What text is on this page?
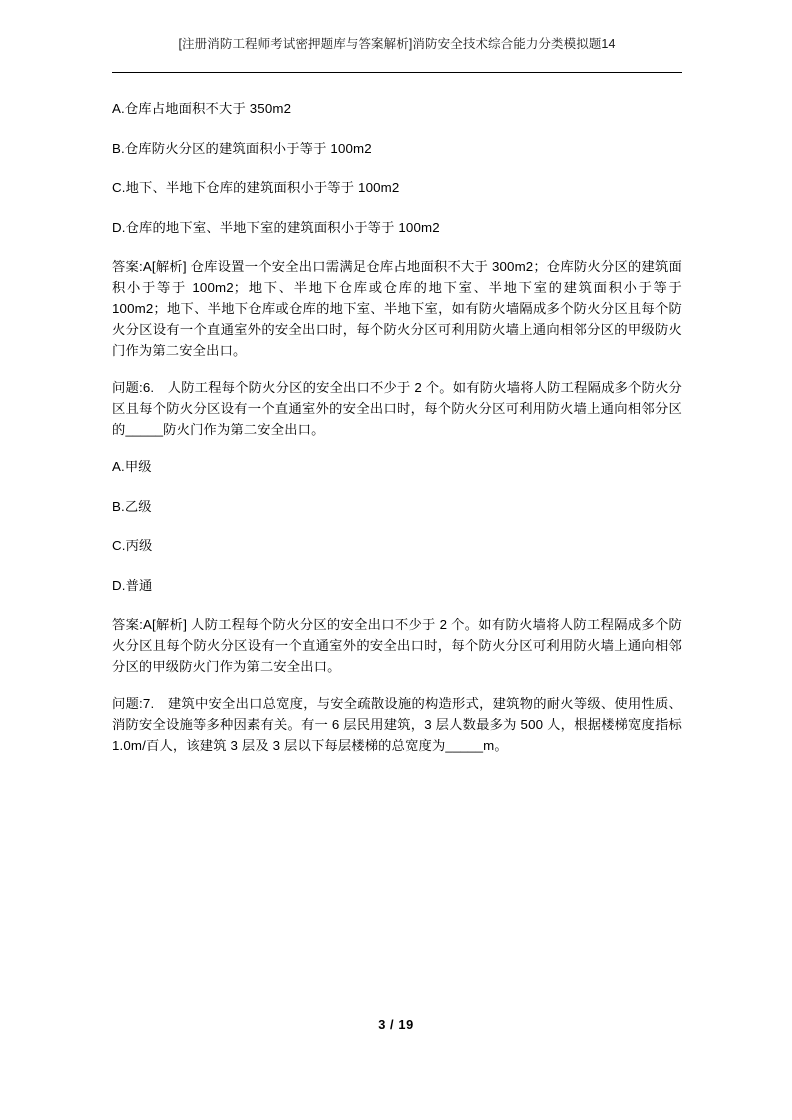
[注册消防工程师考试密押题库与答案解析]消防安全技术综合能力分类模拟题14

A.仓库占地面积不大于 350m2

B.仓库防火分区的建筑面积小于等于 100m2

C.地下、半地下仓库的建筑面积小于等于 100m2

D.仓库的地下室、半地下室的建筑面积小于等于 100m2

答案:A[解析] 仓库设置一个安全出口需满足仓库占地面积不大于 300m2；仓库防火分区的建筑面积小于等于 100m2；地下、半地下仓库或仓库的地下室、半地下室的建筑面积小于等于 100m2；地下、半地下仓库或仓库的地下室、半地下室，如有防火墙隔成多个防火分区且每个防火分区设有一个直通室外的安全出口时，每个防火分区可利用防火墙上通向相邻分区的甲级防火门作为第二安全出口。

问题:6.　人防工程每个防火分区的安全出口不少于 2 个。如有防火墙将人防工程隔成多个防火分区且每个防火分区设有一个直通室外的安全出口时，每个防火分区可利用防火墙上通向相邻分区的_____防火门作为第二安全出口。

A.甲级

B.乙级

C.丙级

D.普通

答案:A[解析] 人防工程每个防火分区的安全出口不少于 2 个。如有防火墙将人防工程隔成多个防火分区且每个防火分区设有一个直通室外的安全出口时，每个防火分区可利用防火墙上通向相邻分区的甲级防火门作为第二安全出口。

问题:7.　建筑中安全出口总宽度，与安全疏散设施的构造形式，建筑物的耐火等级、使用性质、消防安全设施等多种因素有关。有一 6 层民用建筑，3 层人数最多为 500 人，根据楼梯宽度指标 1.0m/百人，该建筑 3 层及 3 层以下每层楼梯的总宽度为_____m。

3 / 19
